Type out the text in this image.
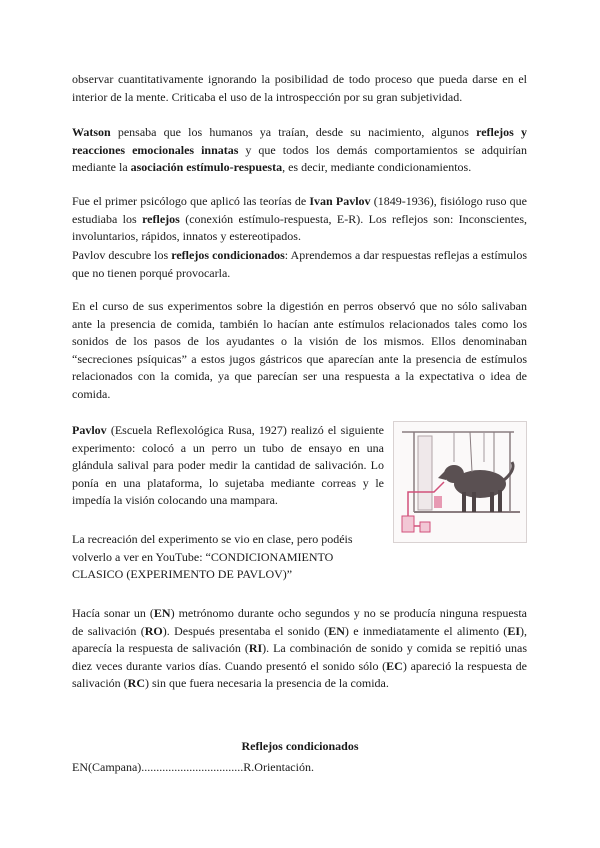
observar cuantitativamente ignorando la posibilidad de todo proceso que pueda darse en el interior de la mente. Criticaba el uso de la introspección por su gran subjetividad.

Watson pensaba que los humanos ya traían, desde su nacimiento, algunos reflejos y reacciones emocionales innatas y que todos los demás comportamientos se adquirían mediante la asociación estímulo-respuesta, es decir, mediante condicionamientos.

Fue el primer psicólogo que aplicó las teorías de Ivan Pavlov (1849-1936), fisiólogo ruso que estudiaba los reflejos (conexión estímulo-respuesta, E-R). Los reflejos son: Inconscientes, involuntarios, rápidos, innatos y estereotipados.

Pavlov descubre los reflejos condicionados: Aprendemos a dar respuestas reflejas a estímulos que no tienen porqué provocarla.

En el curso de sus experimentos sobre la digestión en perros observó que no sólo salivaban ante la presencia de comida, también lo hacían ante estímulos relacionados tales como los sonidos de los pasos de los ayudantes o la visión de los mismos. Ellos denominaban “secreciones psíquicas” a estos jugos gástricos que aparecían ante la presencia de estímulos relacionados con la comida, ya que parecían ser una respuesta a la expectativa o idea de comida.

Pavlov (Escuela Reflexológica Rusa, 1927) realizó el siguiente experimento: colocó a un perro un tubo de ensayo en una glándula salival para poder medir la cantidad de salivación. Lo ponía en una plataforma, lo sujetaba mediante correas y le impedía la visión colocando una mampara.

La recreación del experimento se vio en clase, pero podéis volverlo a ver en YouTube: “CONDICIONAMIENTO CLASICO (EXPERIMENTO DE PAVLOV)”

Hacía sonar un (EN) metrónomo durante ocho segundos y no se producía ninguna respuesta de salivación (RO). Después presentaba el sonido (EN) e inmediatamente el alimento (EI), aparecía la respuesta de salivación (RI). La combinación de sonido y comida se repitió unas diez veces durante varios días. Cuando presentó el sonido sólo (EC) apareció la respuesta de salivación (RC) sin que fuera necesaria la presencia de la comida.

Reflejos condicionados
EN(Campana)..................................R.Orientación.
